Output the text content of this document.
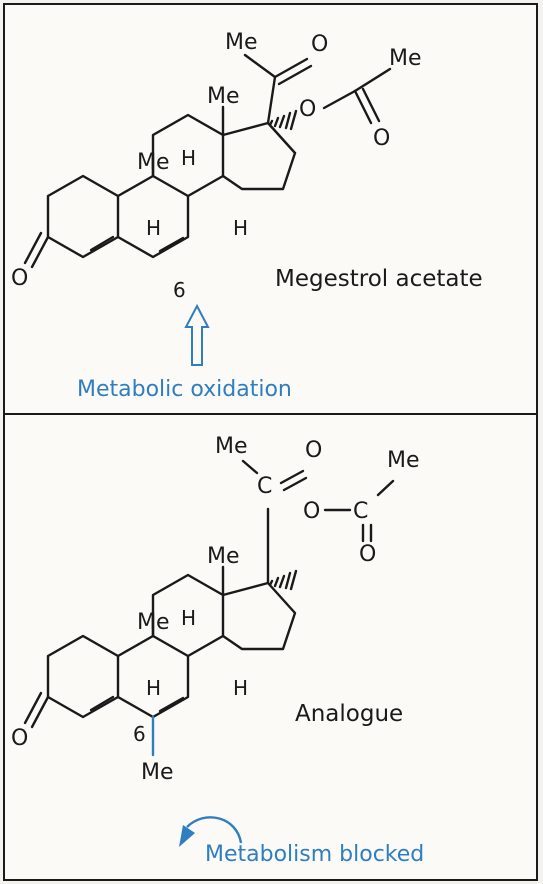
Me O
Me
O
O
Me
Me H
H	H
O	6	Megestrol acetate
Metabolic oxidation
Me
C
O	Me
C
O
O
Me
Me H
H	H
O	6
Me
Analogue
Metabolism blocked
